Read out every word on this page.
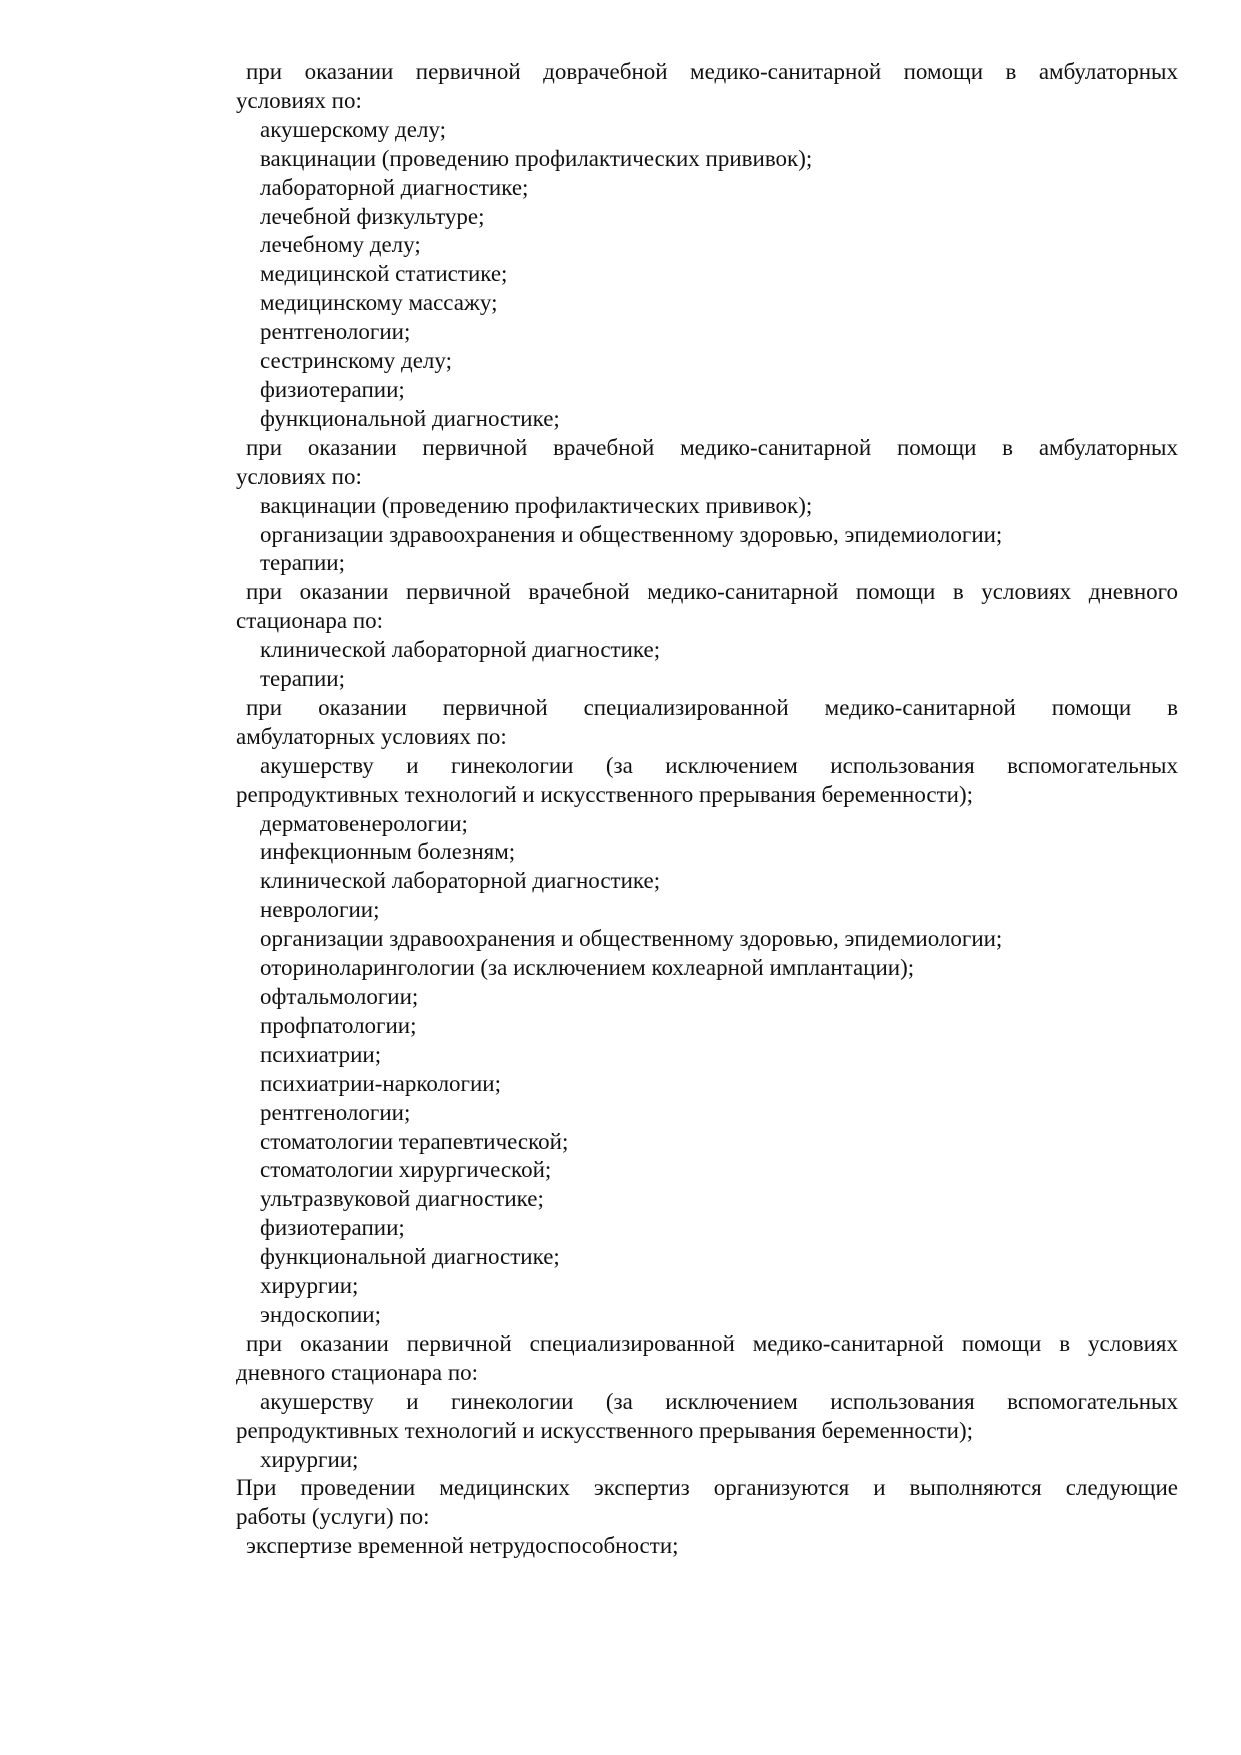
при оказании первичной доврачебной медико-санитарной помощи в амбулаторных
условиях по:
акушерскому делу;
вакцинации (проведению профилактических прививок);
лабораторной диагностике;
лечебной физкультуре;
лечебному делу;
медицинской статистике;
медицинскому массажу;
рентгенологии;
сестринскому делу;
физиотерапии;
функциональной диагностике;
при оказании первичной врачебной медико-санитарной помощи в амбулаторных
условиях по:
вакцинации (проведению профилактических прививок);
организации здравоохранения и общественному здоровью, эпидемиологии;
терапии;
при оказании первичной врачебной медико-санитарной помощи в условиях дневного
стационара по:
клинической лабораторной диагностике;
терапии;
при оказании первичной специализированной медико-санитарной помощи в
амбулаторных условиях по:
акушерству и гинекологии (за исключением использования вспомогательных
репродуктивных технологий и искусственного прерывания беременности);
дерматовенерологии;
инфекционным болезням;
клинической лабораторной диагностике;
неврологии;
организации здравоохранения и общественному здоровью, эпидемиологии;
оториноларингологии (за исключением кохлеарной имплантации);
офтальмологии;
профпатологии;
психиатрии;
психиатрии-наркологии;
рентгенологии;
стоматологии терапевтической;
стоматологии хирургической;
ультразвуковой диагностике;
физиотерапии;
функциональной диагностике;
хирургии;
эндоскопии;
при оказании первичной специализированной медико-санитарной помощи в условиях
дневного стационара по:
акушерству и гинекологии (за исключением использования вспомогательных
репродуктивных технологий и искусственного прерывания беременности);
хирургии;
При проведении медицинских экспертиз организуются и выполняются следующие
работы (услуги) по:
экспертизе временной нетрудоспособности;
